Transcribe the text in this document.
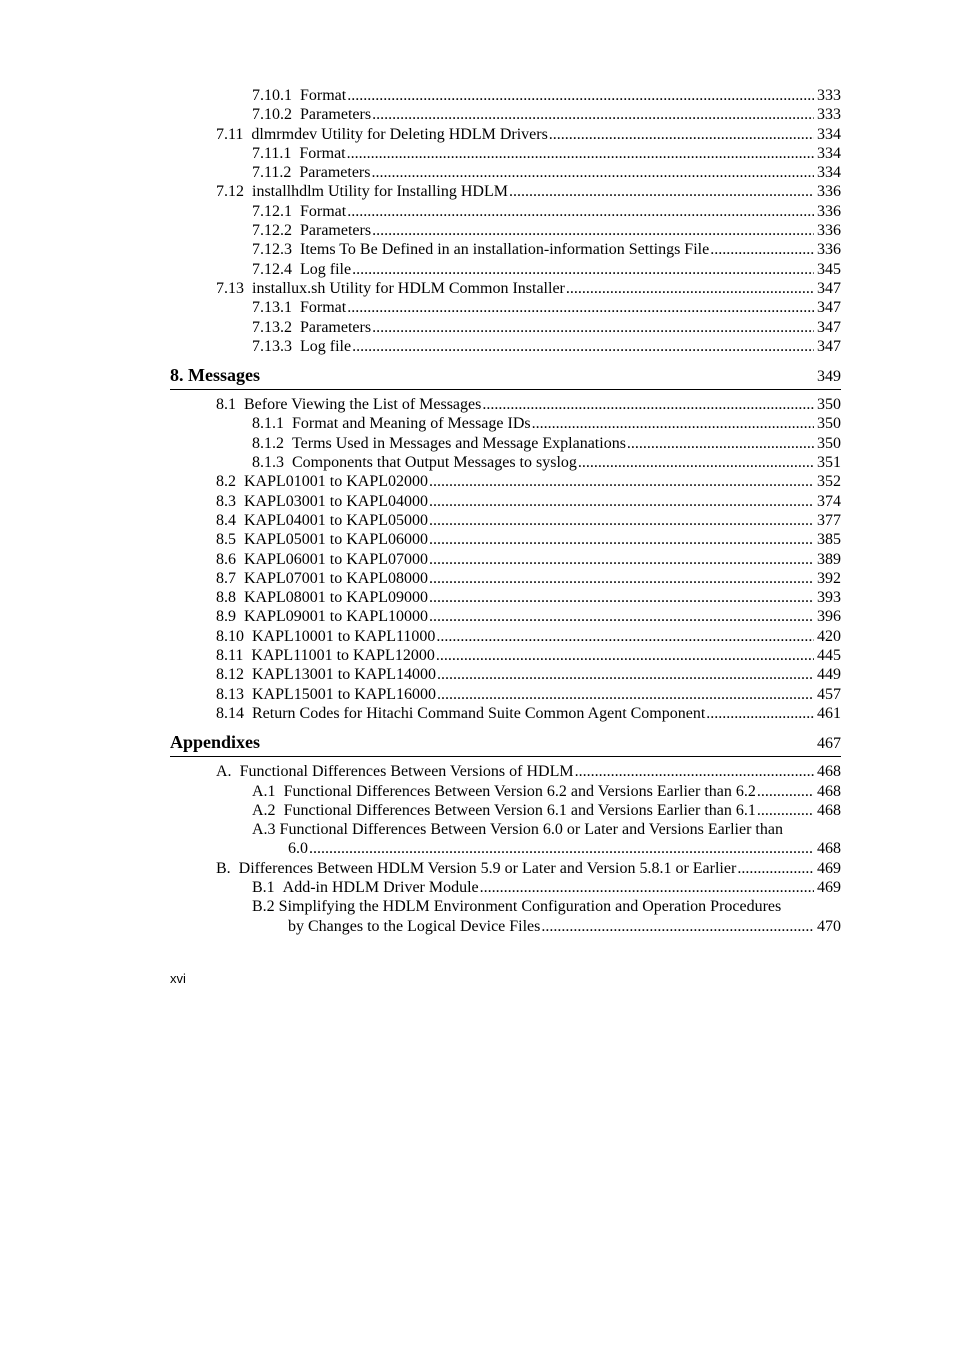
7.10.1 Format .....	333
7.10.2 Parameters .....	333
7.11 dlmrmdev Utility for Deleting HDLM Drivers .....	334
7.11.1 Format .....	334
7.11.2 Parameters .....	334
7.12 installhdlm Utility for Installing HDLM .....	336
7.12.1 Format .....	336
7.12.2 Parameters .....	336
7.12.3 Items To Be Defined in an installation-information Settings File .....	336
7.12.4 Log file .....	345
7.13 installux.sh Utility for HDLM Common Installer .....	347
7.13.1 Format .....	347
7.13.2 Parameters .....	347
7.13.3 Log file .....	347
8. Messages	349
8.1 Before Viewing the List of Messages .....	350
8.1.1 Format and Meaning of Message IDs .....	350
8.1.2 Terms Used in Messages and Message Explanations .....	350
8.1.3 Components that Output Messages to syslog .....	351
8.2 KAPL01001 to KAPL02000 .....	352
8.3 KAPL03001 to KAPL04000 .....	374
8.4 KAPL04001 to KAPL05000 .....	377
8.5 KAPL05001 to KAPL06000 .....	385
8.6 KAPL06001 to KAPL07000 .....	389
8.7 KAPL07001 to KAPL08000 .....	392
8.8 KAPL08001 to KAPL09000 .....	393
8.9 KAPL09001 to KAPL10000 .....	396
8.10 KAPL10001 to KAPL11000 .....	420
8.11 KAPL11001 to KAPL12000 .....	445
8.12 KAPL13001 to KAPL14000 .....	449
8.13 KAPL15001 to KAPL16000 .....	457
8.14 Return Codes for Hitachi Command Suite Common Agent Component .....	461
Appendixes	467
A. Functional Differences Between Versions of HDLM .....	468
A.1 Functional Differences Between Version 6.2 and Versions Earlier than 6.2 .....	468
A.2 Functional Differences Between Version 6.1 and Versions Earlier than 6.1 .....	468
A.3 Functional Differences Between Version 6.0 or Later and Versions Earlier than
6.0 .....	468
B. Differences Between HDLM Version 5.9 or Later and Version 5.8.1 or Earlier .....	469
B.1 Add-in HDLM Driver Module .....	469
B.2 Simplifying the HDLM Environment Configuration and Operation Procedures
by Changes to the Logical Device Files .....	470
xvi
